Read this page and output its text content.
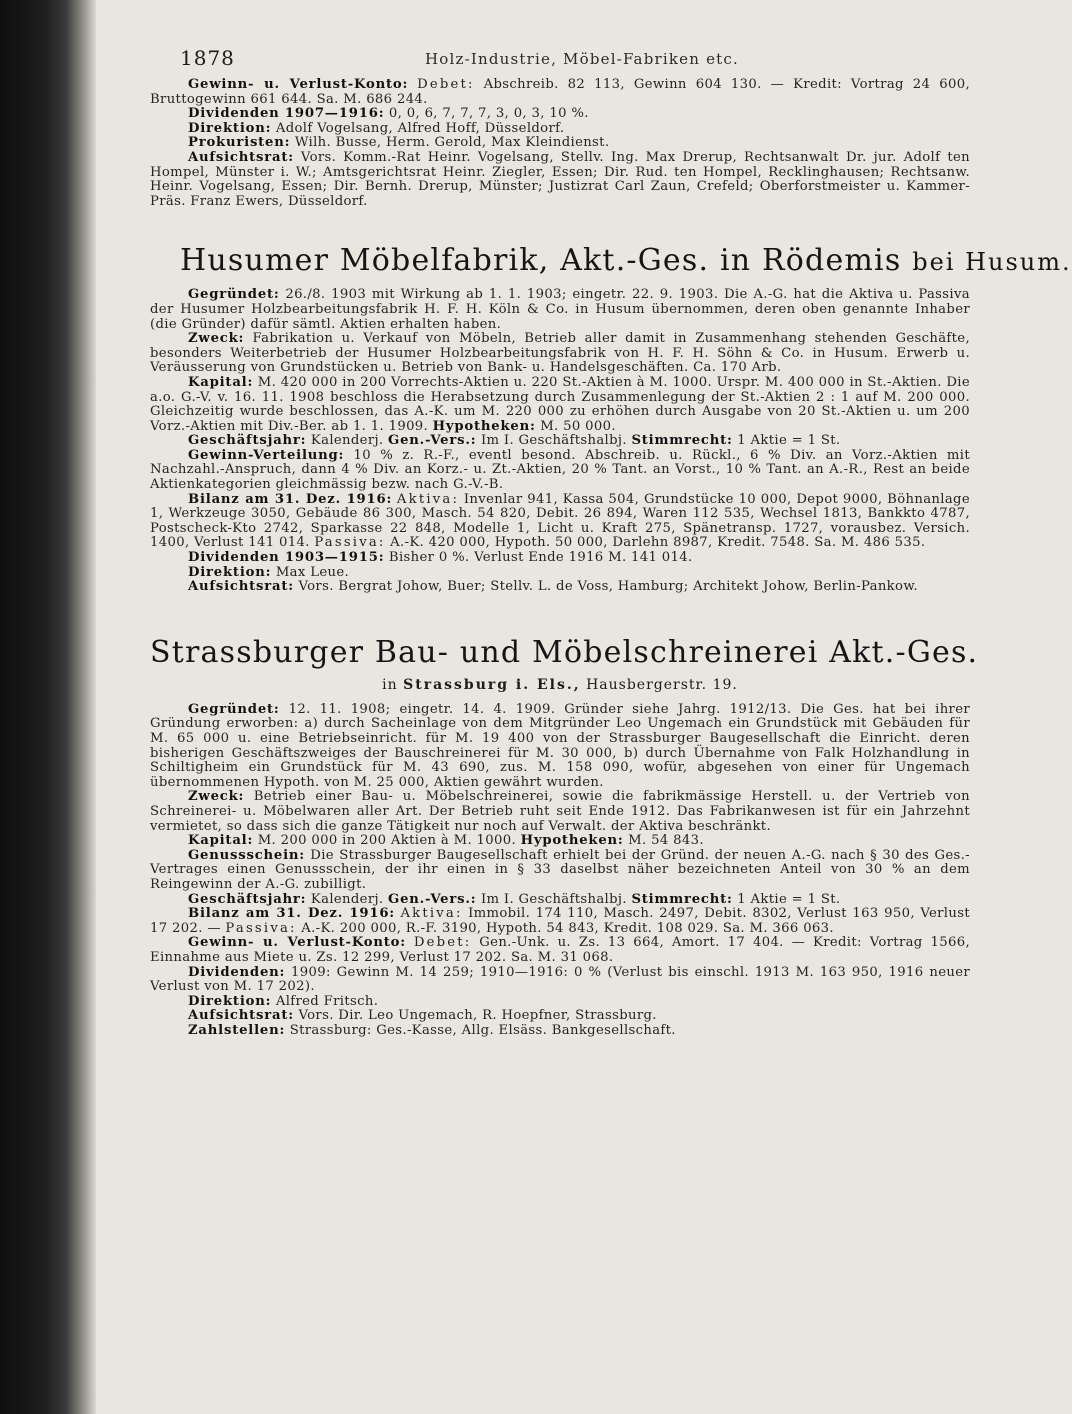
1878	Holz-Industrie, Möbel-Fabriken etc.

Gewinn- u. Verlust-Konto: Debet: Abschreib. 82 113, Gewinn 604 130. — Kredit: Vortrag 24 600, Bruttogewinn 661 644. Sa. M. 686 244.

Dividenden 1907—1916: 0, 0, 6, 7, 7, 7, 3, 0, 3, 10 %.

Direktion: Adolf Vogelsang, Alfred Hoff, Düsseldorf.

Prokuristen: Wilh. Busse, Herm. Gerold, Max Kleindienst.

Aufsichtsrat: Vors. Komm.-Rat Heinr. Vogelsang, Stellv. Ing. Max Drerup, Rechtsanwalt Dr. jur. Adolf ten Hompel, Münster i. W.; Amtsgerichtsrat Heinr. Ziegler, Essen; Dir. Rud. ten Hompel, Recklinghausen; Rechtsanw. Heinr. Vogelsang, Essen; Dir. Bernh. Drerup, Münster; Justizrat Carl Zaun, Crefeld; Oberforstmeister u. Kammer-Präs. Franz Ewers, Düsseldorf.

Husumer Möbelfabrik, Akt.-Ges. in Rödemis bei Husum.

Gegründet: 26./8. 1903 mit Wirkung ab 1. 1. 1903; eingetr. 22. 9. 1903. Die A.-G. hat die Aktiva u. Passiva der Husumer Holzbearbeitungsfabrik H. F. H. Köln & Co. in Husum übernommen, deren oben genannte Inhaber (die Gründer) dafür sämtl. Aktien erhalten haben.

Zweck: Fabrikation u. Verkauf von Möbeln, Betrieb aller damit in Zusammenhang stehenden Geschäfte, besonders Weiterbetrieb der Husumer Holzbearbeitungsfabrik von H. F. H. Söhn & Co. in Husum. Erwerb u. Veräusserung von Grundstücken u. Betrieb von Bank- u. Handelsgeschäften. Ca. 170 Arb.

Kapital: M. 420 000 in 200 Vorrechts-Aktien u. 220 St.-Aktien à M. 1000. Urspr. M. 400 000 in St.-Aktien. Die a.o. G.-V. v. 16. 11. 1908 beschloss die Herabsetzung durch Zusammenlegung der St.-Aktien 2 : 1 auf M. 200 000. Gleichzeitig wurde beschlossen, das A.-K. um M. 220 000 zu erhöhen durch Ausgabe von 20 St.-Aktien u. um 200 Vorz.-Aktien mit Div.-Ber. ab 1. 1. 1909. Hypotheken: M. 50 000.

Geschäftsjahr: Kalenderj. Gen.-Vers.: Im I. Geschäftshalbj. Stimmrecht: 1 Aktie = 1 St.

Gewinn-Verteilung: 10 % z. R.-F., eventl besond. Abschreib. u. Rückl., 6 % Div. an Vorz.-Aktien mit Nachzahl.-Anspruch, dann 4 % Div. an Korz.- u. Zt.-Aktien, 20 % Tant. an Vorst., 10 % Tant. an A.-R., Rest an beide Aktienkategorien gleichmässig bezw. nach G.-V.-B.

Bilanz am 31. Dez. 1916: Aktiva: Invenlar 941, Kassa 504, Grundstücke 10 000, Depot 9000, Böhnanlage 1, Werkzeuge 3050, Gebäude 86 300, Masch. 54 820, Debit. 26 894, Waren 112 535, Wechsel 1813, Bankkto 4787, Postscheck-Kto 2742, Sparkasse 22 848, Modelle 1, Licht u. Kraft 275, Spänetransp. 1727, vorausbez. Versich. 1400, Verlust 141 014. Passiva: A.-K. 420 000, Hypoth. 50 000, Darlehn 8987, Kredit. 7548. Sa. M. 486 535.

Dividenden 1903—1915: Bisher 0 %. Verlust Ende 1916 M. 141 014.

Direktion: Max Leue.

Aufsichtsrat: Vors. Bergrat Johow, Buer; Stellv. L. de Voss, Hamburg; Architekt Johow, Berlin-Pankow.

Strassburger Bau- und Möbelschreinerei Akt.-Ges.
in Strassburg i. Els., Hausbergerstr. 19.

Gegründet: 12. 11. 1908; eingetr. 14. 4. 1909. Gründer siehe Jahrg. 1912/13. Die Ges. hat bei ihrer Gründung erworben: a) durch Sacheinlage von dem Mitgründer Leo Ungemach ein Grundstück mit Gebäuden für M. 65 000 u. eine Betriebseinricht. für M. 19 400 von der Strassburger Baugesellschaft die Einricht. deren bisherigen Geschäftszweiges der Bauschreinerei für M. 30 000, b) durch Übernahme von Falk Holzhandlung in Schiltigheim ein Grundstück für M. 43 690, zus. M. 158 090, wofür, abgesehen von einer für Ungemach übernommenen Hypoth. von M. 25 000, Aktien gewährt wurden.

Zweck: Betrieb einer Bau- u. Möbelschreinerei, sowie die fabrikmässige Herstell. u. der Vertrieb von Schreinerei- u. Möbelwaren aller Art. Der Betrieb ruht seit Ende 1912. Das Fabrikanwesen ist für ein Jahrzehnt vermietet, so dass sich die ganze Tätigkeit nur noch auf Verwalt. der Aktiva beschränkt.

Kapital: M. 200 000 in 200 Aktien à M. 1000. Hypotheken: M. 54 843.

Genussschein: Die Strassburger Baugesellschaft erhielt bei der Gründ. der neuen A.-G. nach § 30 des Ges.-Vertrages einen Genussschein, der ihr einen in § 33 daselbst näher bezeichneten Anteil von 30 % an dem Reingewinn der A.-G. zubilligt.

Geschäftsjahr: Kalenderj. Gen.-Vers.: Im I. Geschäftshalbj. Stimmrecht: 1 Aktie = 1 St.

Bilanz am 31. Dez. 1916: Aktiva: Immobil. 174 110, Masch. 2497, Debit. 8302, Verlust 163 950, Verlust 17 202. — Passiva: A.-K. 200 000, R.-F. 3190, Hypoth. 54 843, Kredit. 108 029. Sa. M. 366 063.

Gewinn- u. Verlust-Konto: Debet: Gen.-Unk. u. Zs. 13 664, Amort. 17 404. — Kredit: Vortrag 1566, Einnahme aus Miete u. Zs. 12 299, Verlust 17 202. Sa. M. 31 068.

Dividenden: 1909: Gewinn M. 14 259; 1910—1916: 0 % (Verlust bis einschl. 1913 M. 163 950, 1916 neuer Verlust von M. 17 202).

Direktion: Alfred Fritsch.

Aufsichtsrat: Vors. Dir. Leo Ungemach, R. Hoepfner, Strassburg.

Zahlstellen: Strassburg: Ges.-Kasse, Allg. Elsäss. Bankgesellschaft.
